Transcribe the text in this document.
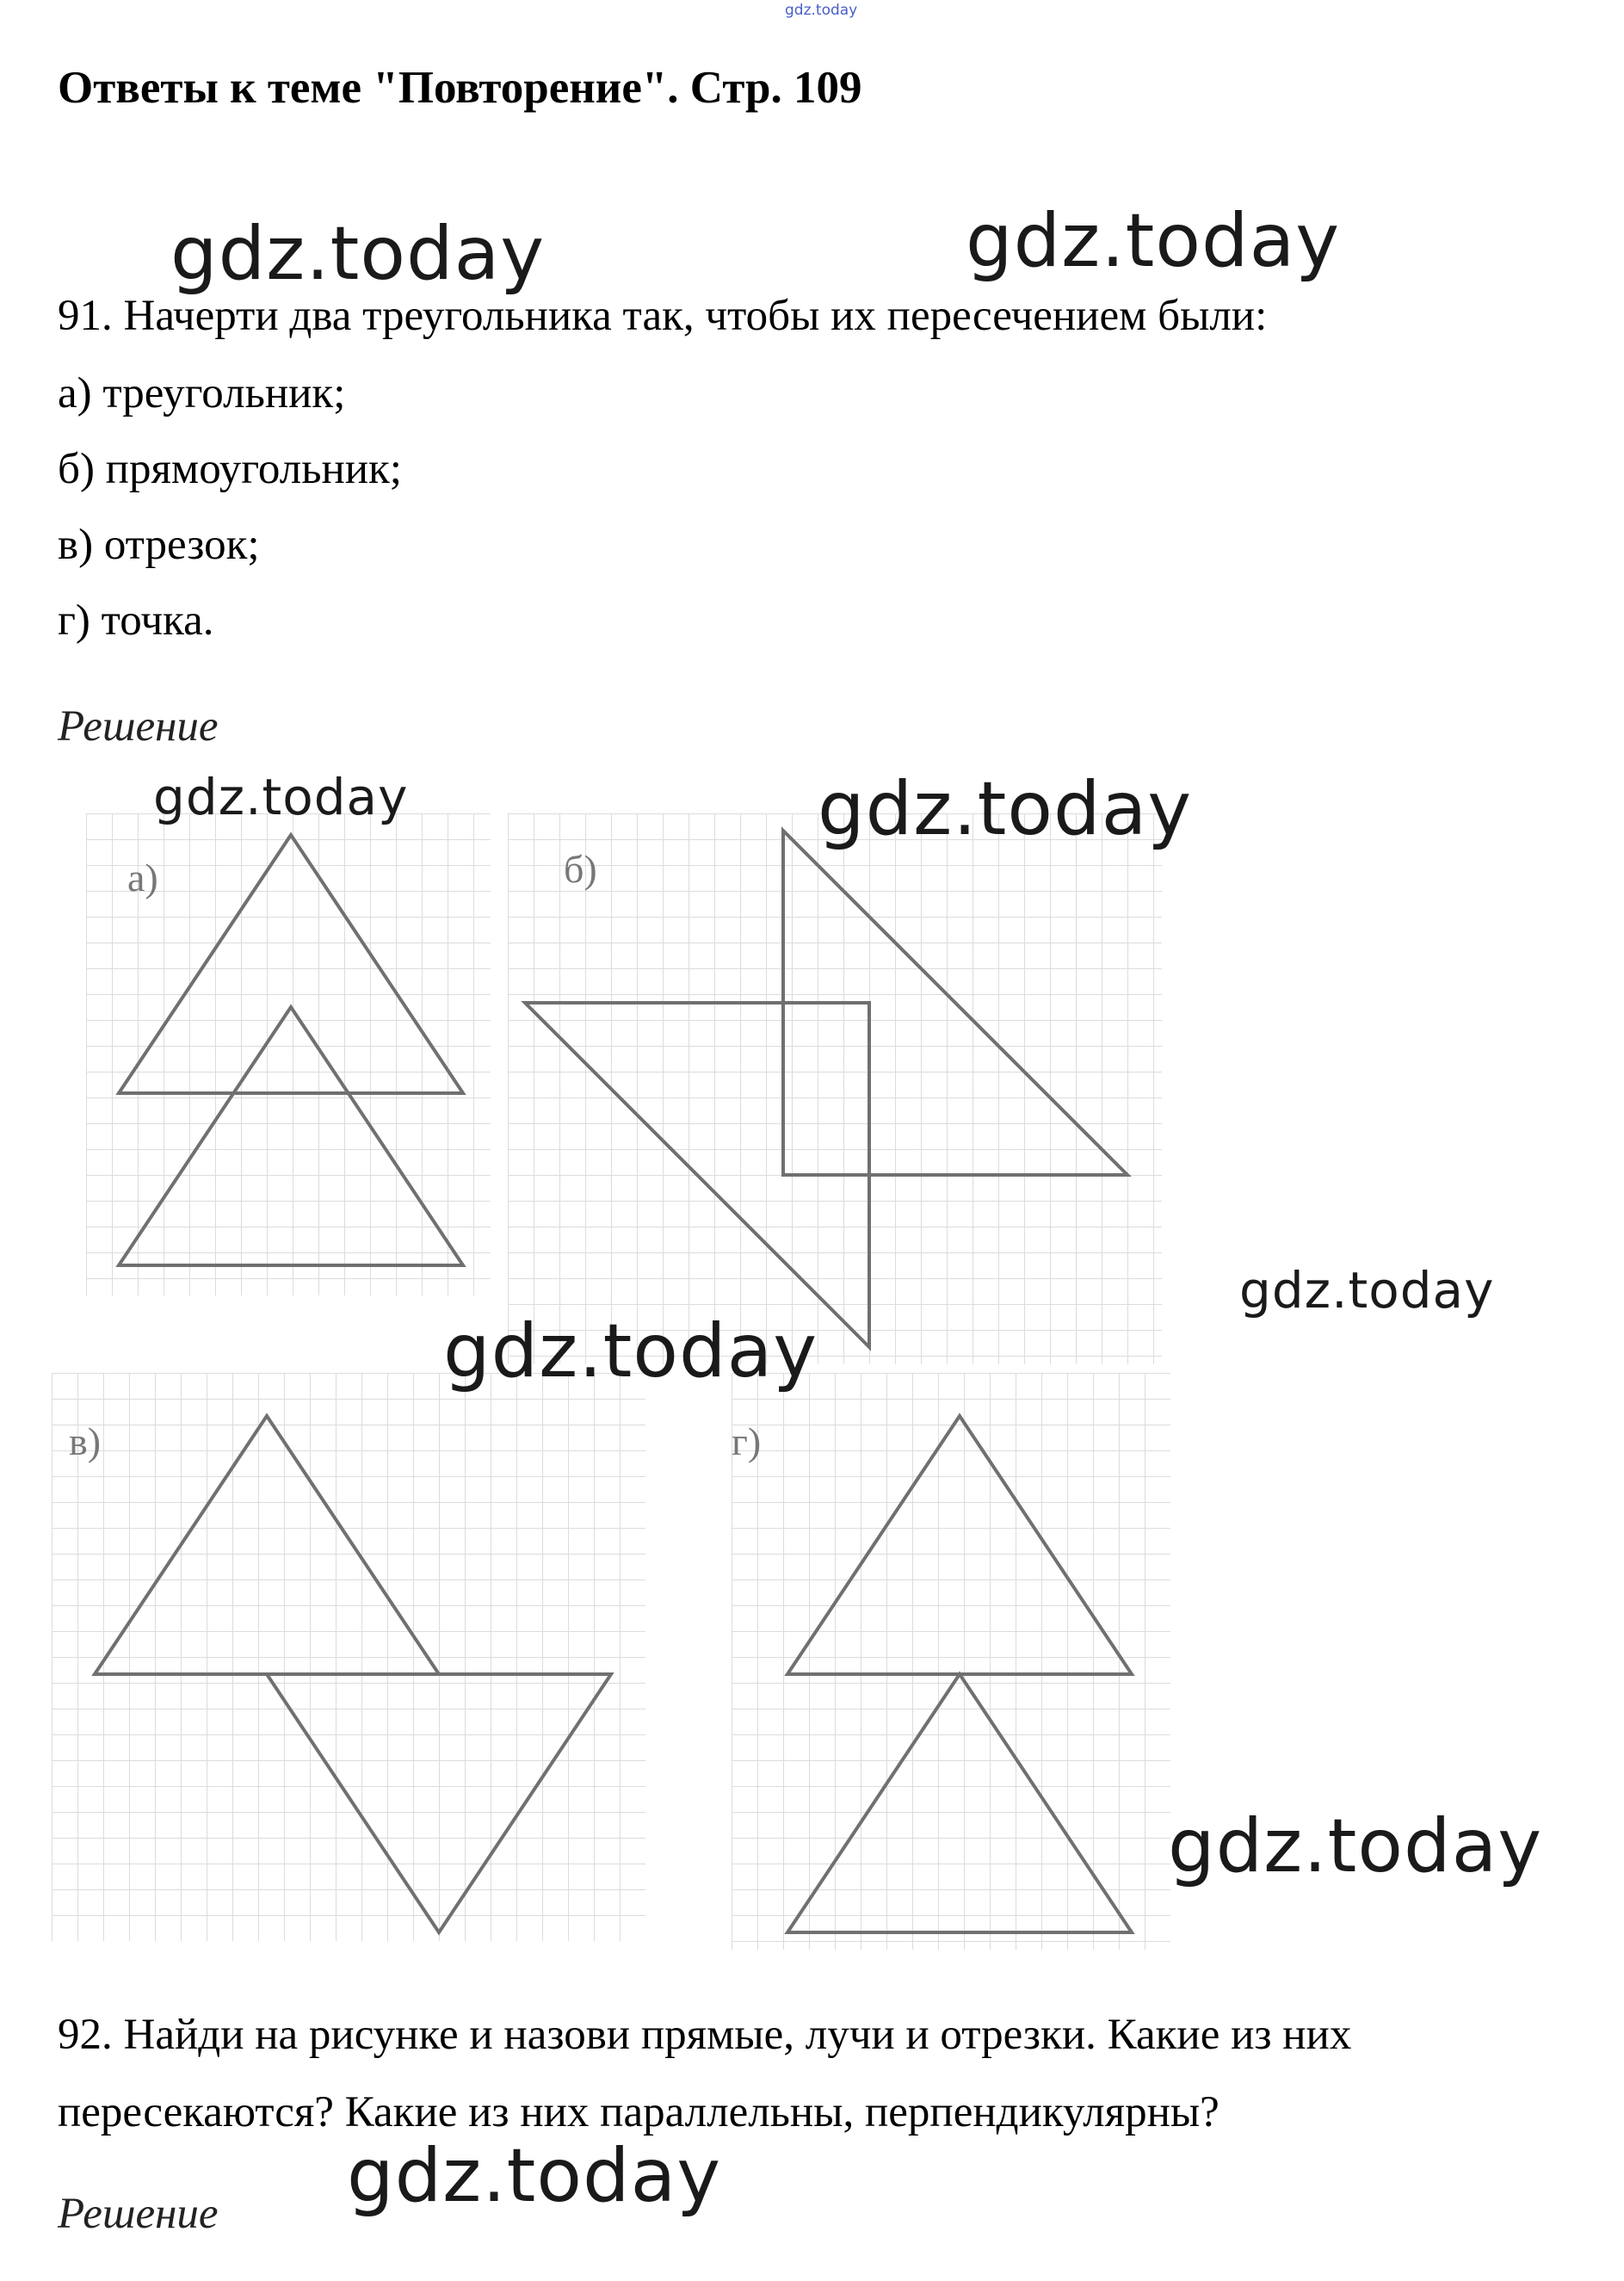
gdz.today
Ответы к теме "Повторение". Стр. 109
91. Начерти два треугольника так, чтобы их пересечением были:
а) треугольник;
б) прямоугольник;
в) отрезок;
г) точка.
Решение
а)	б)
в)	г)
92. Найди на рисунке и назови прямые, лучи и отрезки. Какие из них
пересекаются? Какие из них параллельны, перпендикулярны?
Решение
gdz.today	gdz.today
gdz.today	gdz.today
gdz.today
gdz.today
gdz.today
gdz.today
